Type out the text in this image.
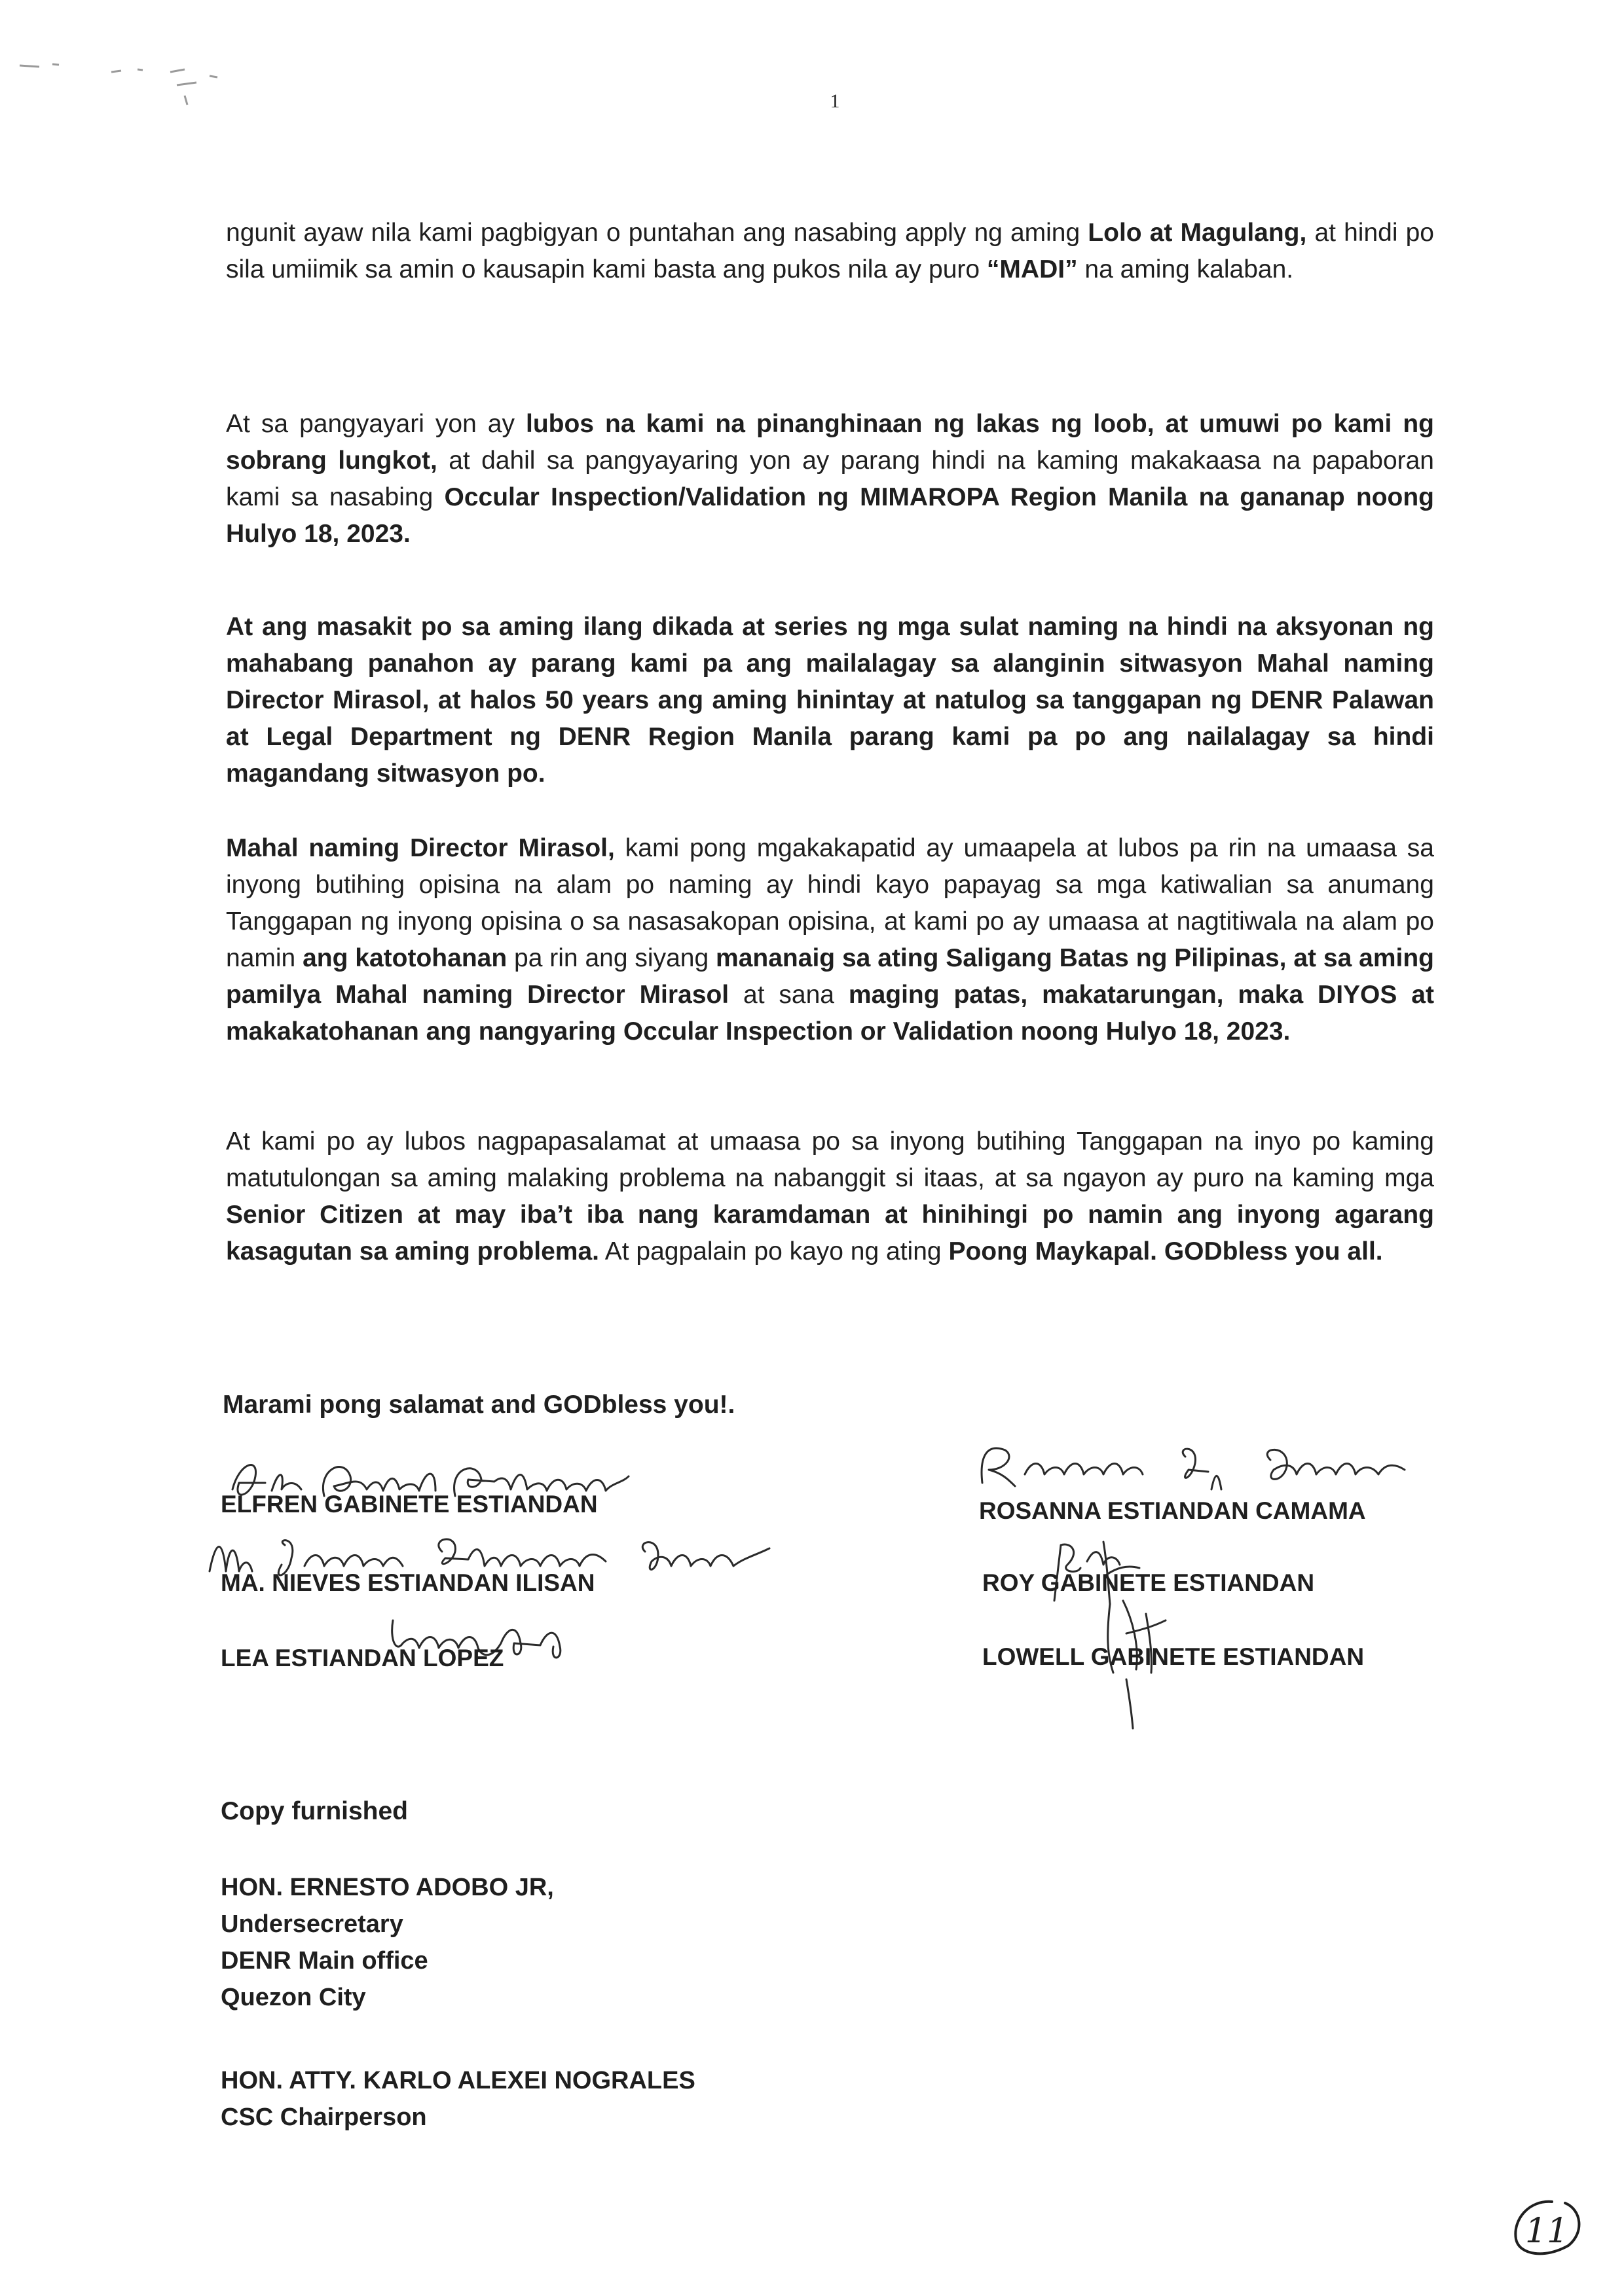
1
ngunit ayaw nila kami pagbigyan o puntahan ang nasabing apply ng aming Lolo at Magulang, at hindi po sila umiimik sa amin o kausapin kami basta ang pukos nila ay puro “MADI” na aming kalaban.
At sa pangyayari yon ay lubos na kami na pinanghinaan ng lakas ng loob, at umuwi po kami ng sobrang lungkot, at dahil sa pangyayaring yon ay parang hindi na kaming makakaasa na papaboran kami sa nasabing Occular Inspection/Validation ng MIMAROPA Region Manila na gananap noong Hulyo 18, 2023.
At ang masakit po sa aming ilang dikada at series ng mga sulat naming na hindi na aksyonan ng mahabang panahon ay parang kami pa ang mailalagay sa alanginin sitwasyon Mahal naming Director Mirasol, at halos 50 years ang aming hinintay at natulog sa tanggapan ng DENR Palawan at Legal Department ng DENR Region Manila parang kami pa po ang nailalagay sa hindi magandang sitwasyon po.
Mahal naming Director Mirasol, kami pong mgakakapatid ay umaapela at lubos pa rin na umaasa sa inyong butihing opisina na alam po naming ay hindi kayo papayag sa mga katiwalian sa anumang Tanggapan ng inyong opisina o sa nasasakopan opisina, at kami po ay umaasa at nagtitiwala na alam po namin ang katotohanan pa rin ang siyang mananaig sa ating Saligang Batas ng Pilipinas, at sa aming pamilya Mahal naming Director Mirasol at sana maging patas, makatarungan, maka DIYOS at makakatohanan ang nangyaring Occular Inspection or Validation noong Hulyo 18, 2023.
At kami po ay lubos nagpapasalamat at umaasa po sa inyong butihing Tanggapan na inyo po kaming matutulongan sa aming malaking problema na nabanggit si itaas, at sa ngayon ay puro na kaming mga Senior Citizen at may iba’t iba nang karamdaman at hinihingi po namin ang inyong agarang kasagutan sa aming problema. At pagpalain po kayo ng ating Poong Maykapal. GODbless you all.
Marami pong salamat and GODbless you!.
ELFREN GABINETE ESTIANDAN
MA. NIEVES ESTIANDAN ILISAN
LEA ESTIANDAN LOPEZ
ROSANNA ESTIANDAN CAMAMA
ROY GABINETE ESTIANDAN
LOWELL GABINETE ESTIANDAN
Copy furnished
HON. ERNESTO ADOBO JR,
Undersecretary
DENR Main office
Quezon City
HON. ATTY. KARLO ALEXEI NOGRALES
CSC Chairperson
11
